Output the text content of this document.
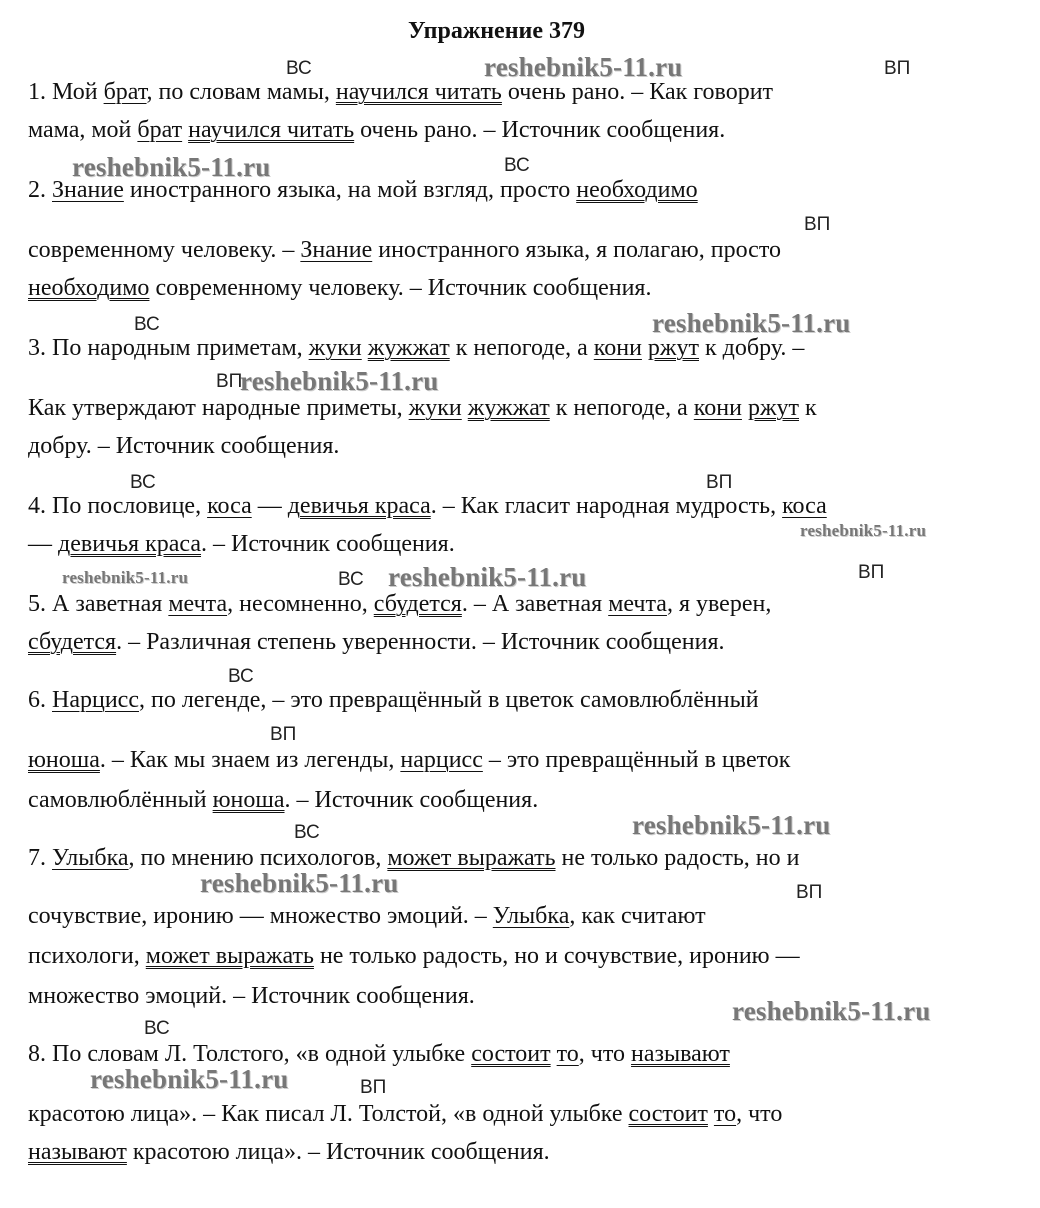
Упражнение 379
ВС	ВП
ВС
ВП
ВС
ВП
ВС	ВП
ВС	ВП
ВС
ВП
ВС
ВП
ВС
ВП
reshebnik5-11.ru
reshebnik5-11.ru
reshebnik5-11.ru
reshebnik5-11.ru
reshebnik5-11.ru
reshebnik5-11.ru	reshebnik5-11.ru
reshebnik5-11.ru
reshebnik5-11.ru
reshebnik5-11.ru
reshebnik5-11.ru
1. Мой брат, по словам мамы, научился читать очень рано. – Как говорит
мама, мой брат научился читать очень рано. – Источник сообщения.
2. Знание иностранного языка, на мой взгляд, просто необходимо
современному человеку. – Знание иностранного языка, я полагаю, просто
необходимо современному человеку. – Источник сообщения.
3. По народным приметам, жуки жужжат к непогоде, а кони ржут к добру. –
Как утверждают народные приметы, жуки жужжат к непогоде, а кони ржут к
добру. – Источник сообщения.
4. По пословице, коса — девичья краса. – Как гласит народная мудрость, коса
— девичья краса. – Источник сообщения.
5. А заветная мечта, несомненно, сбудется. – А заветная мечта, я уверен,
сбудется. – Различная степень уверенности. – Источник сообщения.
6. Нарцисс, по легенде, – это превращённый в цветок самовлюблённый
юноша. – Как мы знаем из легенды, нарцисс – это превращённый в цветок
самовлюблённый юноша. – Источник сообщения.
7. Улыбка, по мнению психологов, может выражать не только радость, но и
сочувствие, иронию — множество эмоций. – Улыбка, как считают
психологи, может выражать не только радость, но и сочувствие, иронию —
множество эмоций. – Источник сообщения.
8. По словам Л. Толстого, «в одной улыбке состоит то, что называют
красотою лица». – Как писал Л. Толстой, «в одной улыбке состоит то, что
называют красотою лица». – Источник сообщения.
